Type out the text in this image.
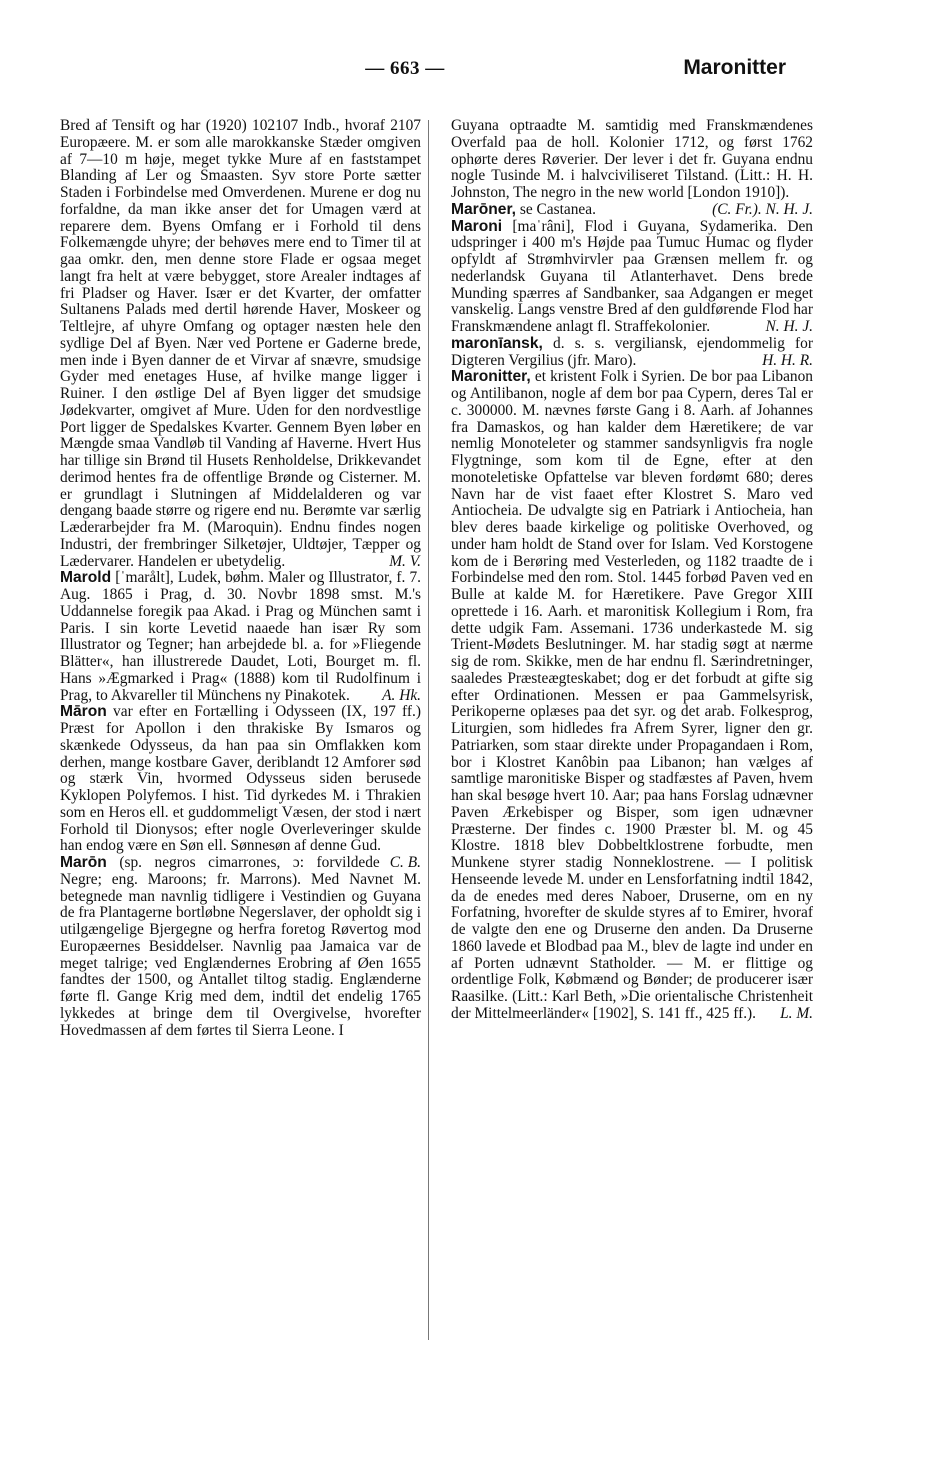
— 663 —	Maronitter

Bred af Tensift og har (1920) 102107 Indb., hvoraf 2107 Europæere. M. er som alle marokkanske Stæder omgiven af 7—10 m høje, meget tykke Mure af en faststampet Blanding af Ler og Smaasten. Syv store Porte sætter Staden i Forbindelse med Omverdenen. Murene er dog nu forfaldne, da man ikke anser det for Umagen værd at reparere dem. Byens Omfang er i Forhold til dens Folkemængde uhyre; der behøves mere end to Timer til at gaa omkr. den, men denne store Flade er ogsaa meget langt fra helt at være bebygget, store Arealer indtages af fri Pladser og Haver. Især er det Kvarter, der omfatter Sultanens Palads med dertil hørende Haver, Moskeer og Teltlejre, af uhyre Omfang og optager næsten hele den sydlige Del af Byen. Nær ved Portene er Gaderne brede, men inde i Byen danner de et Virvar af snævre, smudsige Gyder med enetages Huse, af hvilke mange ligger i Ruiner. I den østlige Del af Byen ligger det smudsige Jødekvarter, omgivet af Mure. Uden for den nordvestlige Port ligger de Spedalskes Kvarter. Gennem Byen løber en Mængde smaa Vandløb til Vanding af Haverne. Hvert Hus har tillige sin Brønd til Husets Renholdelse, Drikkevandet derimod hentes fra de offentlige Brønde og Cisterner. M. er grundlagt i Slutningen af Middelalderen og var dengang baade større og rigere end nu. Berømte var særlig Læderarbejder fra M. (Maroquin). Endnu findes nogen Industri, der frembringer Silketøjer, Uldtøjer, Tæpper og Lædervarer. Handelen er ubetydelig.	M. V.

Marold [ˈmarålt], Ludek, bøhm. Maler og Illustrator, f. 7. Aug. 1865 i Prag, d. 30. Novbr 1898 smst. M.'s Uddannelse foregik paa Akad. i Prag og München samt i Paris. I sin korte Levetid naaede han især Ry som Illustrator og Tegner; han arbejdede bl. a. for »Fliegende Blätter«, han illustrerede Daudet, Loti, Bourget m. fl. Hans »Ægmarked i Prag« (1888) kom til Rudolfinum i Prag, to Akvareller til Münchens ny Pinakotek.	A. Hk.

Māron var efter en Fortælling i Odysseen (IX, 197 ff.) Præst for Apollon i den thrakiske By Ismaros og skænkede Odysseus, da han paa sin Omflakken kom derhen, mange kostbare Gaver, deriblandt 12 Amforer sød og stærk Vin, hvormed Odysseus siden berusede Kyklopen Polyfemos. I hist. Tid dyrkedes M. i Thrakien som en Heros ell. et guddommeligt Væsen, der stod i nært Forhold til Dionysos; efter nogle Overleveringer skulde han endog være en Søn ell. Sønnesøn af denne Gud.
C. B.

Marōn (sp. negros cimarrones, ɔ: forvildede Negre; eng. Maroons; fr. Marrons). Med Navnet M. betegnede man navnlig tidligere i Vestindien og Guyana de fra Plantagerne bortløbne Negerslaver, der opholdt sig i utilgængelige Bjergegne og herfra foretog Røvertog mod Europæernes Besiddelser. Navnlig paa Jamaica var de meget talrige; ved Englændernes Erobring af Øen 1655 fandtes der 1500, og Antallet tiltog stadig. Englænderne førte fl. Gange Krig med dem, indtil det endelig 1765 lykkedes at bringe dem til Overgivelse, hvorefter Hovedmassen af dem førtes til Sierra Leone. I

Guyana optraadte M. samtidig med Franskmændenes Overfald paa de holl. Kolonier 1712, og først 1762 ophørte deres Røverier. Der lever i det fr. Guyana endnu nogle Tusinde M. i halvciviliseret Tilstand. (Litt.: H. H. Johnston, The negro in the new world [London 1910]).
(C. Fr.). N. H. J.

Marōner, se Castanea.

Maroni [maˈrâni], Flod i Guyana, Sydamerika. Den udspringer i 400 m's Højde paa Tumuc Humac og flyder opfyldt af Strømhvirvler paa Grænsen mellem fr. og nederlandsk Guyana til Atlanterhavet. Dens brede Munding spærres af Sandbanker, saa Adgangen er meget vanskelig. Langs venstre Bred af den guldførende Flod har Franskmændene anlagt fl. Straffekolonier.	N. H. J.

maronīansk, d. s. s. vergiliansk, ejendommelig for Digteren Vergilius (jfr. Maro).	H. H. R.

Maronitter, et kristent Folk i Syrien. De bor paa Libanon og Antilibanon, nogle af dem bor paa Cypern, deres Tal er c. 300000. M. nævnes første Gang i 8. Aarh. af Johannes fra Damaskos, og han kalder dem Hæretikere; de var nemlig Monoteleter og stammer sandsynligvis fra nogle Flygtninge, som kom til de Egne, efter at den monoteletiske Opfattelse var bleven fordømt 680; deres Navn har de vist faaet efter Klostret S. Maro ved Antiocheia. De udvalgte sig en Patriark i Antiocheia, han blev deres baade kirkelige og politiske Overhoved, og under ham holdt de Stand over for Islam. Ved Korstogene kom de i Berøring med Vesterleden, og 1182 traadte de i Forbindelse med den rom. Stol. 1445 forbød Paven ved en Bulle at kalde M. for Hæretikere. Pave Gregor XIII oprettede i 16. Aarh. et maronitisk Kollegium i Rom, fra dette udgik Fam. Assemani. 1736 underkastede M. sig Trient-Mødets Beslutninger. M. har stadig søgt at nærme sig de rom. Skikke, men de har endnu fl. Særindretninger, saaledes Præsteægteskabet; dog er det forbudt at gifte sig efter Ordinationen. Messen er paa Gammelsyrisk, Perikoperne oplæses paa det syr. og det arab. Folkesprog, Liturgien, som hidledes fra Afrem Syrer, ligner den gr. Patriarken, som staar direkte under Propagandaen i Rom, bor i Klostret Kanôbin paa Libanon; han vælges af samtlige maronitiske Bisper og stadfæstes af Paven, hvem han skal besøge hvert 10. Aar; paa hans Forslag udnævner Paven Ærkebisper og Bisper, som igen udnævner Præsterne. Der findes c. 1900 Præster bl. M. og 45 Klostre. 1818 blev Dobbeltklostrene forbudte, men Munkene styrer stadig Nonneklostrene. — I politisk Henseende levede M. under en Lensforfatning indtil 1842, da de enedes med deres Naboer, Druserne, om en ny Forfatning, hvorefter de skulde styres af to Emirer, hvoraf de valgte den ene og Druserne den anden. Da Druserne 1860 lavede et Blodbad paa M., blev de lagte ind under en af Porten udnævnt Statholder. — M. er flittige og ordentlige Folk, Købmænd og Bønder; de producerer især Raasilke. (Litt.: Karl Beth, »Die orientalische Christenheit der Mittelmeerländer« [1902], S. 141 ff., 425 ff.).	L. M.
